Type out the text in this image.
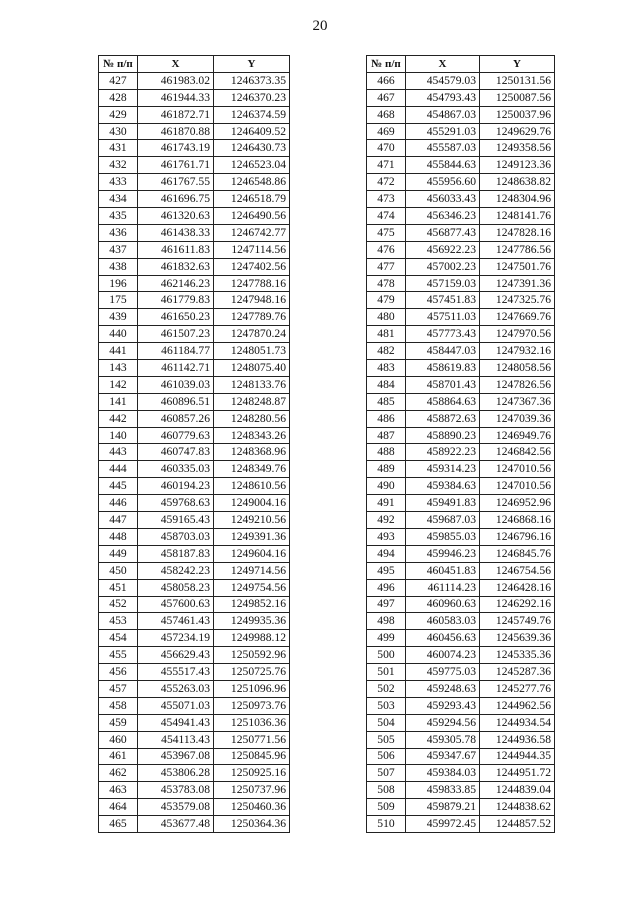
20
№ п/п	X	Y
427	461983.02	1246373.35
428	461944.33	1246370.23
429	461872.71	1246374.59
430	461870.88	1246409.52
431	461743.19	1246430.73
432	461761.71	1246523.04
433	461767.55	1246548.86
434	461696.75	1246518.79
435	461320.63	1246490.56
436	461438.33	1246742.77
437	461611.83	1247114.56
438	461832.63	1247402.56
196	462146.23	1247788.16
175	461779.83	1247948.16
439	461650.23	1247789.76
440	461507.23	1247870.24
441	461184.77	1248051.73
143	461142.71	1248075.40
142	461039.03	1248133.76
141	460896.51	1248248.87
442	460857.26	1248280.56
140	460779.63	1248343.26
443	460747.83	1248368.96
444	460335.03	1248349.76
445	460194.23	1248610.56
446	459768.63	1249004.16
447	459165.43	1249210.56
448	458703.03	1249391.36
449	458187.83	1249604.16
450	458242.23	1249714.56
451	458058.23	1249754.56
452	457600.63	1249852.16
453	457461.43	1249935.36
454	457234.19	1249988.12
455	456629.43	1250592.96
456	455517.43	1250725.76
457	455263.03	1251096.96
458	455071.03	1250973.76
459	454941.43	1251036.36
460	454113.43	1250771.56
461	453967.08	1250845.96
462	453806.28	1250925.16
463	453783.08	1250737.96
464	453579.08	1250460.36
465	453677.48	1250364.36
№ п/п	X	Y
466	454579.03	1250131.56
467	454793.43	1250087.56
468	454867.03	1250037.96
469	455291.03	1249629.76
470	455587.03	1249358.56
471	455844.63	1249123.36
472	455956.60	1248638.82
473	456033.43	1248304.96
474	456346.23	1248141.76
475	456877.43	1247828.16
476	456922.23	1247786.56
477	457002.23	1247501.76
478	457159.03	1247391.36
479	457451.83	1247325.76
480	457511.03	1247669.76
481	457773.43	1247970.56
482	458447.03	1247932.16
483	458619.83	1248058.56
484	458701.43	1247826.56
485	458864.63	1247367.36
486	458872.63	1247039.36
487	458890.23	1246949.76
488	458922.23	1246842.56
489	459314.23	1247010.56
490	459384.63	1247010.56
491	459491.83	1246952.96
492	459687.03	1246868.16
493	459855.03	1246796.16
494	459946.23	1246845.76
495	460451.83	1246754.56
496	461114.23	1246428.16
497	460960.63	1246292.16
498	460583.03	1245749.76
499	460456.63	1245639.36
500	460074.23	1245335.36
501	459775.03	1245287.36
502	459248.63	1245277.76
503	459293.43	1244962.56
504	459294.56	1244934.54
505	459305.78	1244936.58
506	459347.67	1244944.35
507	459384.03	1244951.72
508	459833.85	1244839.04
509	459879.21	1244838.62
510	459972.45	1244857.52
